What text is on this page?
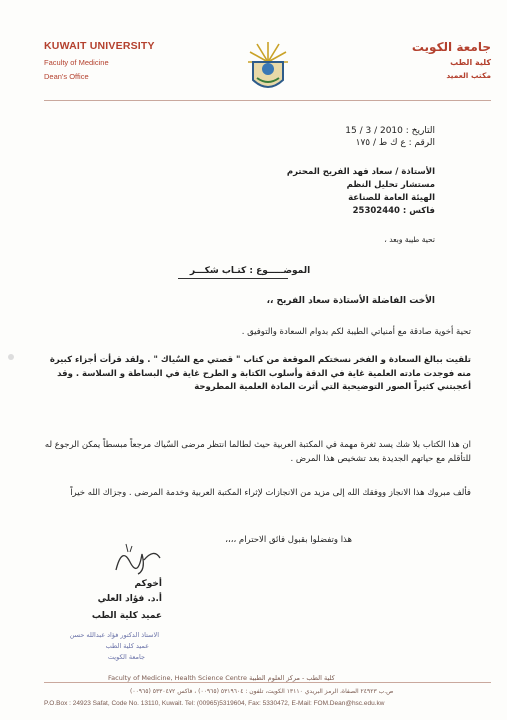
KUWAIT UNIVERSITY
Faculty of Medicine
Dean's Office
جامعة الكويت
كلية الطب
مكتب العميد
التاريخ : 2010 / 3 / 15
الرقم : ع ك ط / ١٧٥
الأستاذة / سعاد فهد الفريح المحترم
مستشار تحليل النظم
الهيئة العامة للصناعة
فاكس : 25302440
تحية طيبة وبعد ،
الموضـــــوع : كتـاب شكـــر
الأخت الفاضلة الأستاذة سعاد الفريح ،،
تحية أخوية صادقة مع أمنياتي الطيبة لكم بدوام السعادة والتوفيق .
تلقيت ببالغ السعادة و الفخر نسختكم الموقعة من كتاب " قصتي مع السٌياك " . ولقد قرأت أجزاء كبيرة منه فوجدت مادته العلمية غاية في الدقة وأسلوب الكتابة و الطرح غاية في البساطة و السلاسة . وقد أعجبتني كثيراً الصور التوضيحية التي أثرت المادة العلمية المطروحة
ان هذا الكتاب بلا شك يسد ثغرة مهمة في المكتبة العربية حيث لطالما انتظر مرضى السٌياك مرجعاً مبسطاً يمكن الرجوع له للتأقلم مع حياتهم الجديدة بعد تشخيص هذا المرض .
فألف مبروك هذا الانجاز ووفقك الله إلى مزيد من الانجازات لإثراء المكتبة العربية وخدمة المرضى . وجزاك الله خيراً
هذا وتفضلوا بقبول فائق الاحترام ،،،،
أخوكم
أ.د. فؤاد العلي
عميد كلية الطب
الاستاذ الدكتور فؤاد عبدالله حسن
عميد كلية الطب
جامعة الكويت
Faculty of Medicine, Health Science Centre كلية الطب - مركز العلوم الطبية
ص.ب ٢٤٩٢٣ الصفاة، الرمز البريدي ١٣١١٠ الكويت، تلفون : ٥٣١٩٦٠٤ (٠٠٩٦٥) ، فاكس ٥٣٣٠٤٧٢ (٠٠٩٦٥)
P.O.Box : 24923 Safat, Code No. 13110, Kuwait. Tel: (00965)5319604, Fax: 5330472, E-Mail: FOM.Dean@hsc.edu.kw
